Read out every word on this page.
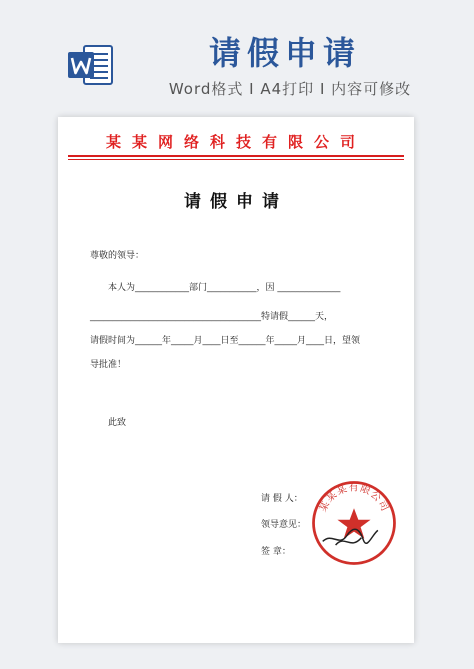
请假申请
Word格式 I A4打印 I 内容可修改
某某网络科技有限公司
请假申请
尊敬的领导：
本人为____________部门___________，因 ______________
______________________________________特请假______天，
请假时间为______年_____月____日至______年_____月____日，望领
导批准！
此致
请 假 人：
领导意见：
签 章：
某某某有限公司
